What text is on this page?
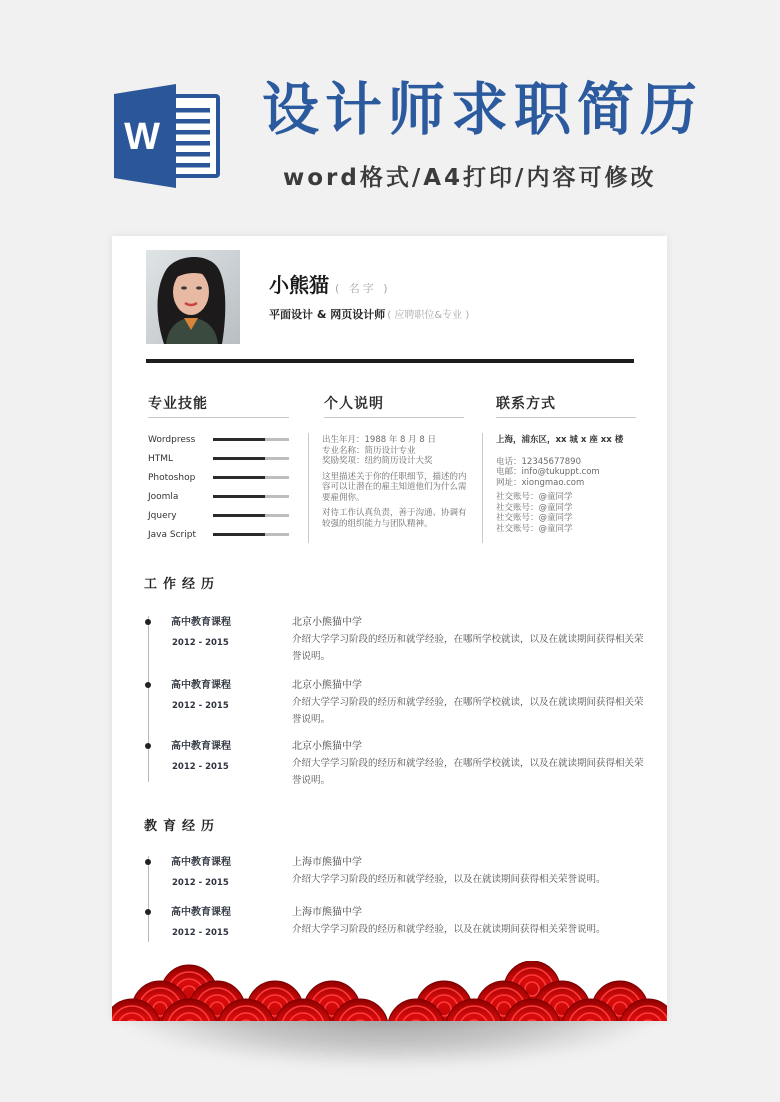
W 设计师求职简历
word格式/A4打印/内容可修改
小熊猫 ( 名字 )
平面设计 & 网页设计师 ( 应聘职位&专业 )
专业技能	个人说明	联系方式
Wordpress
HTML
Photoshop
Joomla
Jquery
Java Script

出生年月：1988 年 8 月 8 日
专业名称：简历设计专业
奖励奖项：纽约简历设计大奖

这里描述关于你的任职细节，描述的内容可以让潜在的雇主知道他们为什么需要雇佣你。

对待工作认真负责，善于沟通、协调有较强的组织能力与团队精神。

上海，浦东区，xx 城 x 座 xx 楼
电话：12345677890
电邮：info@tukuppt.com
网址：xiongmao.com
社交账号：@童同学
社交账号：@童同学
社交账号：@童同学
社交账号：@童同学
工作经历
高中教育课程
2012 - 2015
北京小熊猫中学
介绍大学学习阶段的经历和就学经验，在哪所学校就读，以及在就读期间获得相关荣誉说明。
高中教育课程
2012 - 2015
北京小熊猫中学
介绍大学学习阶段的经历和就学经验，在哪所学校就读，以及在就读期间获得相关荣誉说明。
高中教育课程
2012 - 2015
北京小熊猫中学
介绍大学学习阶段的经历和就学经验，在哪所学校就读，以及在就读期间获得相关荣誉说明。
教育经历
高中教育课程
2012 - 2015
上海市熊猫中学
介绍大学学习阶段的经历和就学经验，以及在就读期间获得相关荣誉说明。
高中教育课程
2012 - 2015
上海市熊猫中学
介绍大学学习阶段的经历和就学经验，以及在就读期间获得相关荣誉说明。
